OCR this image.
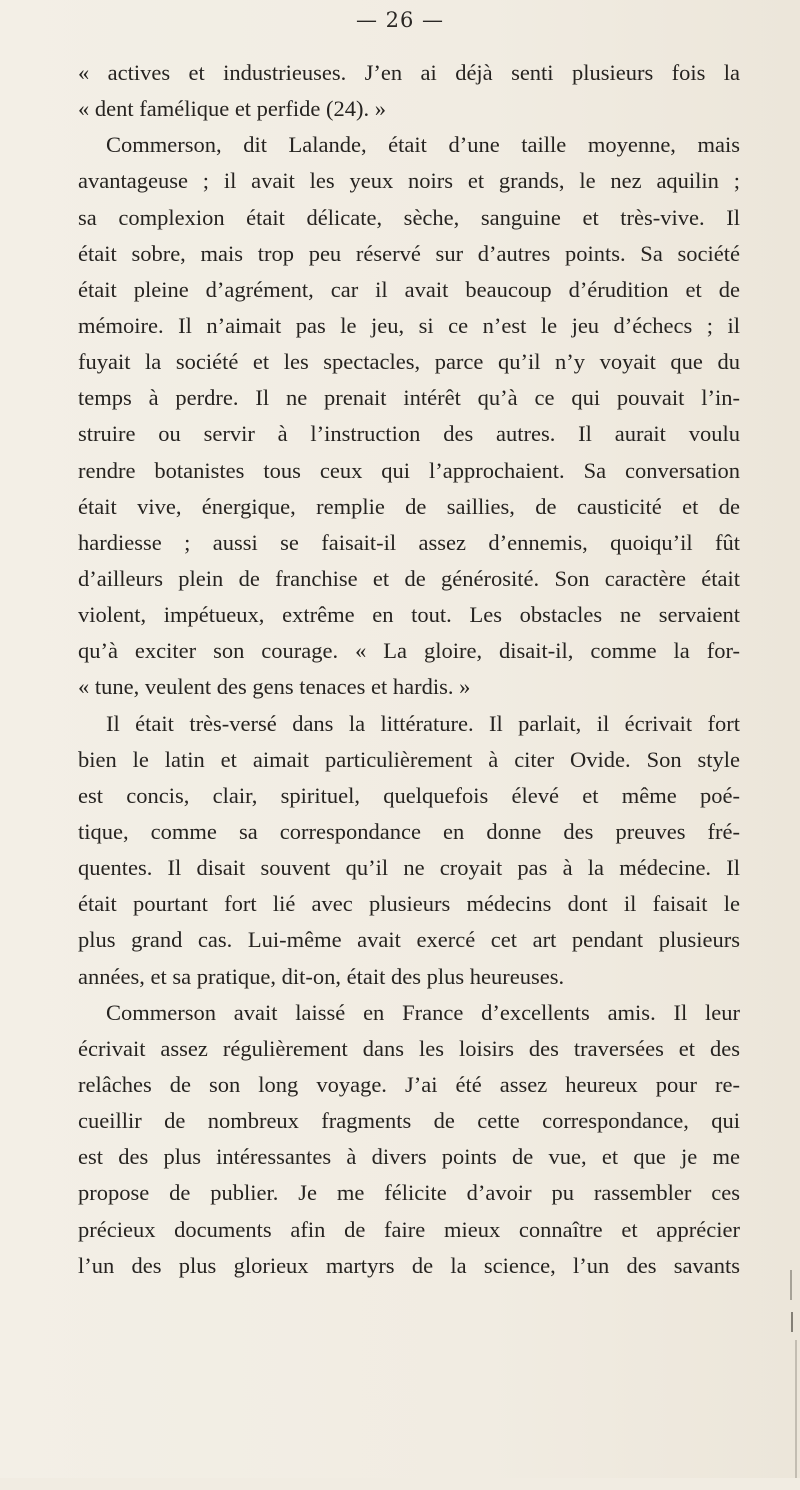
— 26 —
« actives et industrieuses. J’en ai déjà senti plusieurs fois la
« dent famélique et perfide (24). »
Commerson, dit Lalande, était d’une taille moyenne, mais
avantageuse ; il avait les yeux noirs et grands, le nez aquilin ;
sa complexion était délicate, sèche, sanguine et très-vive. Il
était sobre, mais trop peu réservé sur d’autres points. Sa société
était pleine d’agrément, car il avait beaucoup d’érudition et de
mémoire. Il n’aimait pas le jeu, si ce n’est le jeu d’échecs ; il
fuyait la société et les spectacles, parce qu’il n’y voyait que du
temps à perdre. Il ne prenait intérêt qu’à ce qui pouvait l’in-
struire ou servir à l’instruction des autres. Il aurait voulu
rendre botanistes tous ceux qui l’approchaient. Sa conversation
était vive, énergique, remplie de saillies, de causticité et de
hardiesse ; aussi se faisait-il assez d’ennemis, quoiqu’il fût
d’ailleurs plein de franchise et de générosité. Son caractère était
violent, impétueux, extrême en tout. Les obstacles ne servaient
qu’à exciter son courage. « La gloire, disait-il, comme la for-
« tune, veulent des gens tenaces et hardis. »
Il était très-versé dans la littérature. Il parlait, il écrivait fort
bien le latin et aimait particulièrement à citer Ovide. Son style
est concis, clair, spirituel, quelquefois élevé et même poé-
tique, comme sa correspondance en donne des preuves fré-
quentes. Il disait souvent qu’il ne croyait pas à la médecine. Il
était pourtant fort lié avec plusieurs médecins dont il faisait le
plus grand cas. Lui-même avait exercé cet art pendant plusieurs
années, et sa pratique, dit-on, était des plus heureuses.
Commerson avait laissé en France d’excellents amis. Il leur
écrivait assez régulièrement dans les loisirs des traversées et des
relâches de son long voyage. J’ai été assez heureux pour re-
cueillir de nombreux fragments de cette correspondance, qui
est des plus intéressantes à divers points de vue, et que je me
propose de publier. Je me félicite d’avoir pu rassembler ces
précieux documents afin de faire mieux connaître et apprécier
l’un des plus glorieux martyrs de la science, l’un des savants
